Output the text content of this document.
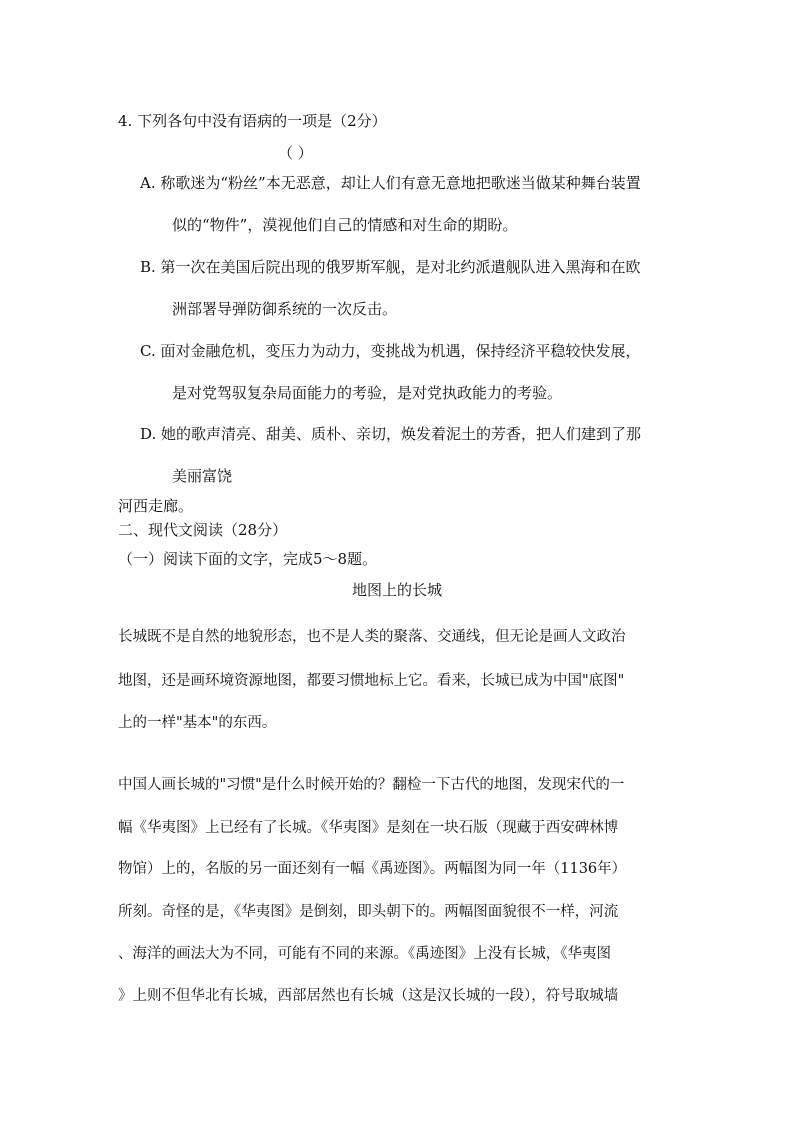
4. 下列各句中没有语病的一项是（2分）
（ ）
A. 称歌迷为“粉丝”本无恶意，却让人们有意无意地把歌迷当做某种舞台装置
似的“物件”，漠视他们自己的情感和对生命的期盼。
B. 第一次在美国后院出现的俄罗斯军舰，是对北约派遣舰队进入黑海和在欧
洲部署导弹防御系统的一次反击。
C. 面对金融危机，变压力为动力，变挑战为机遇，保持经济平稳较快发展，
是对党驾驭复杂局面能力的考验，是对党执政能力的考验。
D. 她的歌声清亮、甜美、质朴、亲切，焕发着泥土的芳香，把人们建到了那
美丽富饶
河西走廊。
二、现代文阅读（28分）
（一）阅读下面的文字，完成5～8题。
地图上的长城
长城既不是自然的地貌形态，也不是人类的聚落、交通线，但无论是画人文政治
地图，还是画环境资源地图，都要习惯地标上它。看来，长城已成为中国"底图"
上的一样"基本"的东西。
中国人画长城的"习惯"是什么时候开始的？翻检一下古代的地图，发现宋代的一
幅《华夷图》上已经有了长城。《华夷图》是刻在一块石版（现藏于西安碑林博
物馆）上的，名版的另一面还刻有一幅《禹迹图》。两幅图为同一年（1136年）
所刻。奇怪的是，《华夷图》是倒刻，即头朝下的。两幅图面貌很不一样，河流
、海洋的画法大为不同，可能有不同的来源。《禹迹图》上没有长城，《华夷图
》上则不但华北有长城，西部居然也有长城（这是汉长城的一段），符号取城墙
